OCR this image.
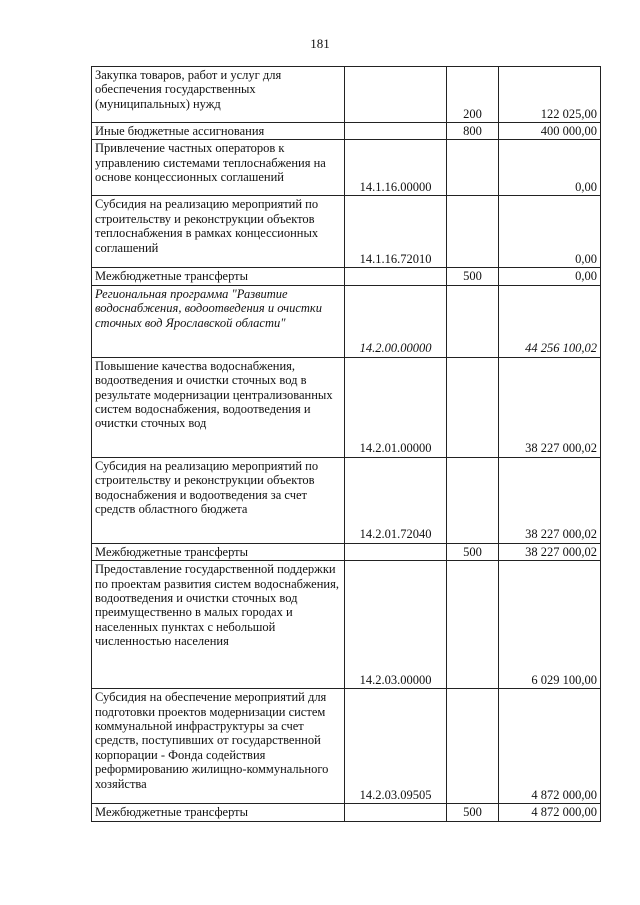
181
Закупка товаров, работ и услуг для обеспечения государственных (муниципальных) нужд		200	122 025,00
Иные бюджетные ассигнования		800	400 000,00
Привлечение частных операторов к управлению системами теплоснабжения на основе концессионных соглашений	14.1.16.00000		0,00
Субсидия на реализацию мероприятий по строительству и реконструкции объектов теплоснабжения в рамках концессионных соглашений	14.1.16.72010		0,00
Межбюджетные трансферты		500	0,00
Региональная программа "Развитие водоснабжения, водоотведения и очистки сточных вод Ярославской области"	14.2.00.00000		44 256 100,02
Повышение качества водоснабжения, водоотведения и очистки сточных вод в результате модернизации централизованных систем водоснабжения, водоотведения и очистки сточных вод	14.2.01.00000		38 227 000,02
Субсидия на реализацию мероприятий по строительству и реконструкции объектов водоснабжения и водоотведения за счет средств областного бюджета	14.2.01.72040		38 227 000,02
Межбюджетные трансферты		500	38 227 000,02
Предоставление государственной поддержки по проектам развития систем водоснабжения, водоотведения и очистки сточных вод преимущественно в малых городах и населенных пунктах с небольшой численностью населения	14.2.03.00000		6 029 100,00
Субсидия на обеспечение мероприятий для подготовки проектов модернизации систем коммунальной инфраструктуры за счет средств, поступивших от государственной корпорации - Фонда содействия реформированию жилищно-коммунального хозяйства	14.2.03.09505		4 872 000,00
Межбюджетные трансферты		500	4 872 000,00
